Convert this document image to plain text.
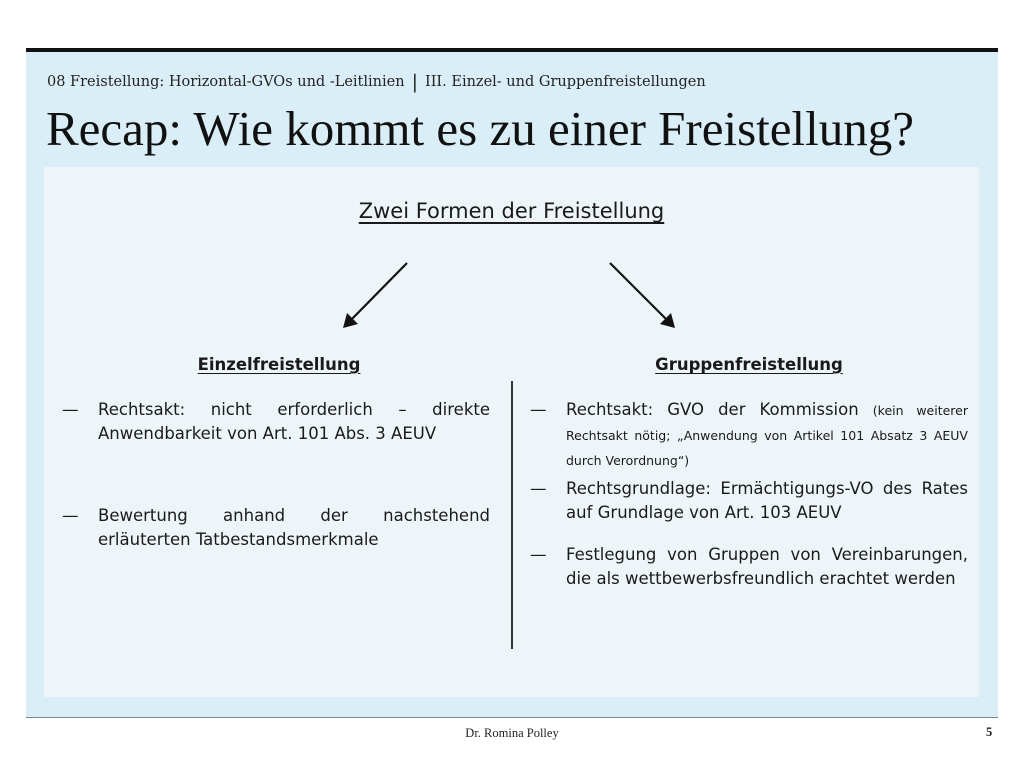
08 Freistellung: Horizontal-GVOs und -Leitlinien | III. Einzel- und Gruppenfreistellungen
Recap: Wie kommt es zu einer Freistellung?
Zwei Formen der Freistellung
Einzelfreistellung	Gruppenfreistellung
—	Rechtsakt: nicht erforderlich – direkte Anwendbarkeit von Art. 101 Abs. 3 AEUV
—	Bewertung anhand der nachstehend erläuterten Tatbestandsmerkmale
—	Rechtsakt: GVO der Kommission (kein weiterer Rechtsakt nötig; „Anwendung von Artikel 101 Absatz 3 AEUV durch Verordnung“)
—	Rechtsgrundlage: Ermächtigungs-VO des Rates auf Grundlage von Art. 103 AEUV
—	Festlegung von Gruppen von Vereinbarungen, die als wettbewerbsfreundlich erachtet werden
Dr. Romina Polley	5
